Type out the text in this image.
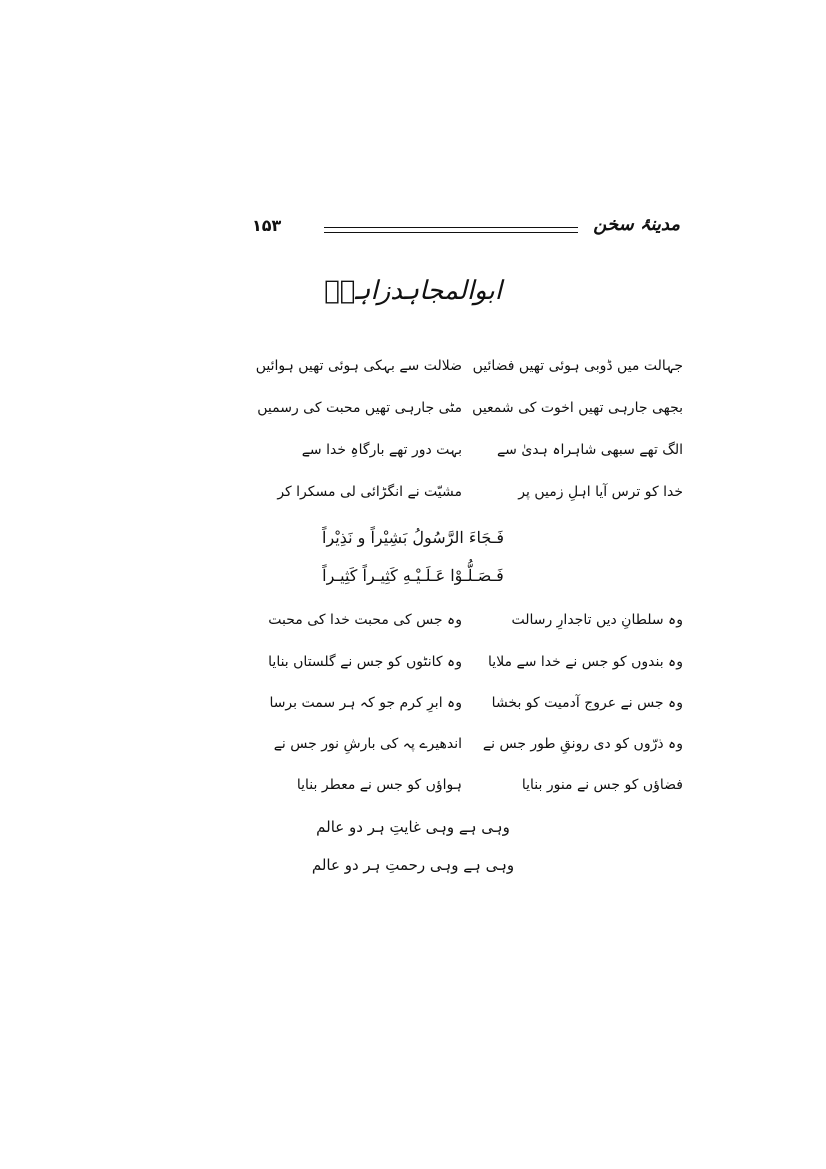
۱۵۳	مدینۂ سخن
ابوالمجاہدزاہدؔ
جہالت میں ڈوبی ہوئی تھیں فضائیں
ضلالت سے بہکی ہوئی تھیں ہوائیں
بجھی جارہی تھیں اخوت کی شمعیں
مٹی جارہی تھیں محبت کی رسمیں
الگ تھے سبھی شاہراہ ہدیٰ سے
بہت دور تھے بارگاہِ خدا سے
خدا کو ترس آیا اہلِ زمیں پر
مشیّت نے انگڑائی لی مسکرا کر
فَـجَاءَ الرَّسُولُ بَشِيْراً و نَذِيْراً
فَـصَـلُّـوْا عَـلَـيْـهِ كَثِيـراً كَثِيـراً
وہ سلطانِ دیں تاجدارِ رسالت
وہ جس کی محبت خدا کی محبت
وہ بندوں کو جس نے خدا سے ملایا
وہ کانٹوں کو جس نے گلستاں بنایا
وہ جس نے عروج آدمیت کو بخشا
وہ ابرِ کرم جو کہ ہر سمت برسا
وہ ذرّوں کو دی رونقِ طور جس نے
اندھیرے پہ کی بارشِ نور جس نے
فضاؤں کو جس نے منور بنایا
ہواؤں کو جس نے معطر بنایا
وہی ہے وہی غایتِ ہر دو عالم
وہی ہے وہی رحمتِ ہر دو عالم
